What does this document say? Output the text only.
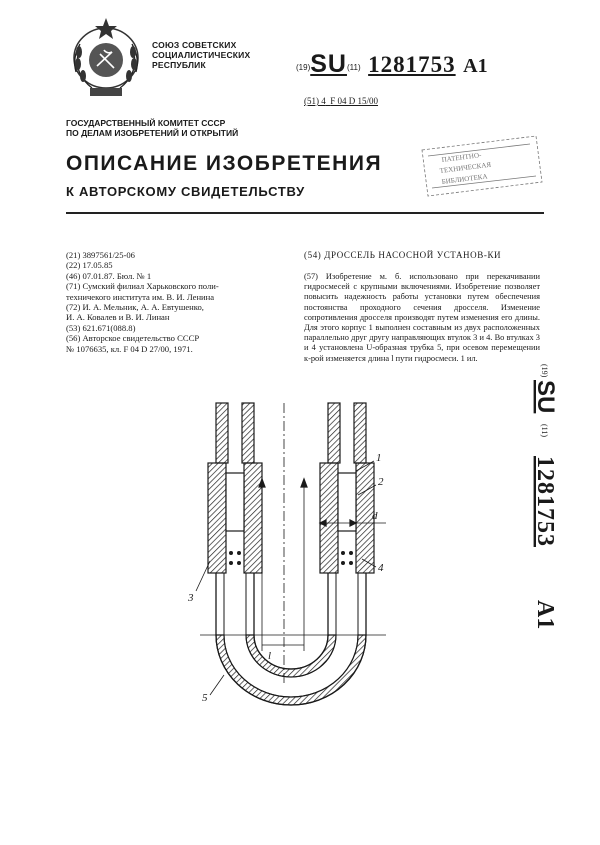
СОЮЗ СОВЕТСКИХ
СОЦИАЛИСТИЧЕСКИХ
РЕСПУБЛИК	(19)SU(11) 1281753 A1
(51) 4 F 04 D 15/00
ГОСУДАРСТВЕННЫЙ КОМИТЕТ СССР
ПО ДЕЛАМ ИЗОБРЕТЕНИЙ И ОТКРЫТИЙ
ОПИСАНИЕ ИЗОБРЕТЕНИЯ
К АВТОРСКОМУ СВИДЕТЕЛЬСТВУ
ПАТЕНТНО-
ТЕХНИЧЕСКАЯ
БИБЛИОТЕКА
(21) 3897561/25-06
(22) 17.05.85
(46) 07.01.87. Бюл. № 1
(71) Сумский филиал Харьковского поли-
техничекого института им. В. И. Ленина
(72) И. А. Мельник, А. А. Евтушенко,
И. А. Ковалев и В. И. Линан
(53) 621.671(088.8)
(56) Авторское свидетельство СССР
№ 1076635, кл. F 04 D 27/00, 1971.
(54) ДРОССЕЛЬ НАСОСНОЙ УСТАНОВ-КИ
(57) Изобретение м. б. использовано при перекачивании гидросмесей с крупными включениями. Изобретение позволяет повысить надежность работы установки путем обеспечения постоянства проходного сечения дросселя. Изменение сопротивления дросселя производят путем изменения его длины. Для этого корпус 1 выполнен составным из двух расположенных параллельно друг другу направляющих втулок 3 и 4. Во втулках 3 и 4 установлена U-образная трубка 5, при осевом перемещении к-рой изменяется длина l пути гидросмеси. 1 ил.
(19)
SU
(11)
1281753
A1
1
2
3
4
5
d
l
